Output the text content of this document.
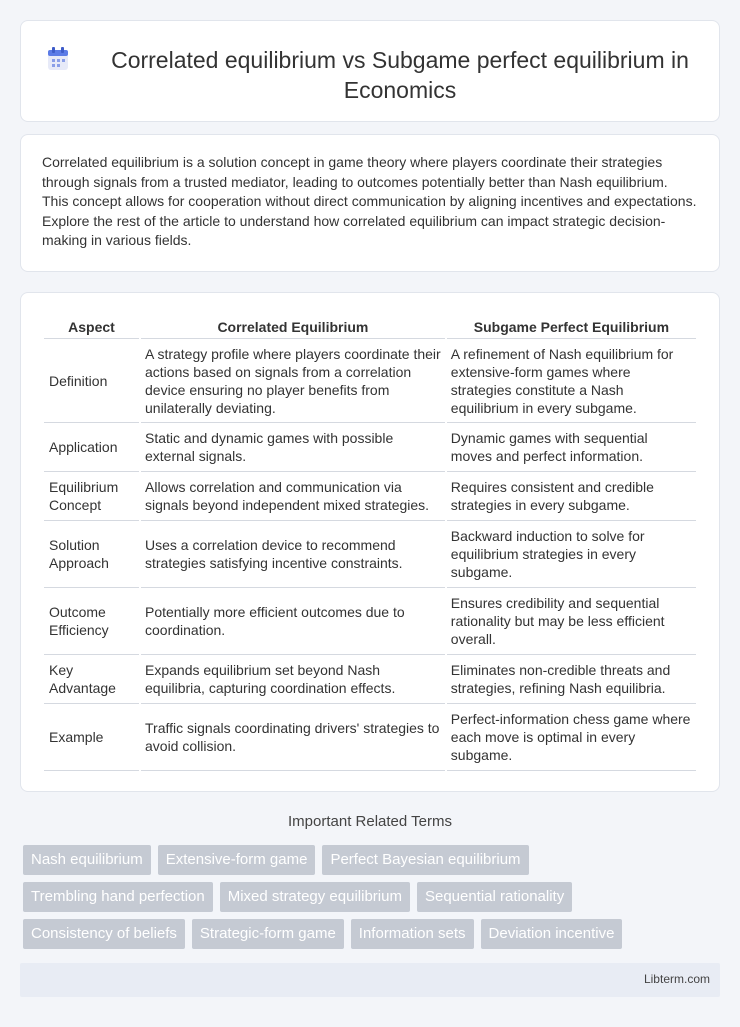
Correlated equilibrium vs Subgame perfect equilibrium in Economics

Correlated equilibrium is a solution concept in game theory where players coordinate their strategies through signals from a trusted mediator, leading to outcomes potentially better than Nash equilibrium. This concept allows for cooperation without direct communication by aligning incentives and expectations. Explore the rest of the article to understand how correlated equilibrium can impact strategic decision-making in various fields.

Aspect	Correlated Equilibrium	Subgame Perfect Equilibrium
Definition	A strategy profile where players coordinate their actions based on signals from a correlation device ensuring no player benefits from unilaterally deviating.	A refinement of Nash equilibrium for extensive-form games where strategies constitute a Nash equilibrium in every subgame.
Application	Static and dynamic games with possible external signals.	Dynamic games with sequential moves and perfect information.
Equilibrium Concept	Allows correlation and communication via signals beyond independent mixed strategies.	Requires consistent and credible strategies in every subgame.
Solution Approach	Uses a correlation device to recommend strategies satisfying incentive constraints.	Backward induction to solve for equilibrium strategies in every subgame.
Outcome Efficiency	Potentially more efficient outcomes due to coordination.	Ensures credibility and sequential rationality but may be less efficient overall.
Key Advantage	Expands equilibrium set beyond Nash equilibria, capturing coordination effects.	Eliminates non-credible threats and strategies, refining Nash equilibria.
Example	Traffic signals coordinating drivers' strategies to avoid collision.	Perfect-information chess game where each move is optimal in every subgame.
Important Related Terms
Nash equilibrium	Extensive-form game	Perfect Bayesian equilibrium
Trembling hand perfection	Mixed strategy equilibrium	Sequential rationality
Consistency of beliefs	Strategic-form game	Information sets	Deviation incentive
Libterm.com
